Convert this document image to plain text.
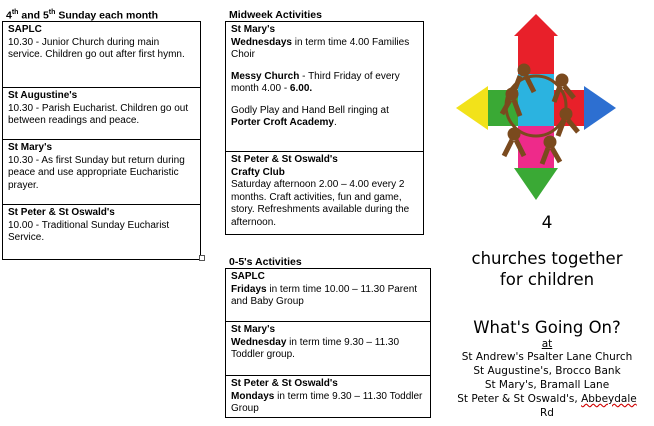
4th and 5th Sunday each month
SAPLC
10.30 - Junior Church during main service. Children go out after first hymn.
St Augustine's
10.30 - Parish Eucharist. Children go out between readings and peace.
St Mary's
10.30 - As first Sunday but return during peace and use appropriate Eucharistic prayer.
St Peter & St Oswald's
10.00 - Traditional Sunday Eucharist Service.
Midweek Activities
St Mary's

Wednesdays in term time 4.00 Families Choir

Messy Church - Third Friday of every month 4.00 - 6.00.

Godly Play and Hand Bell ringing at Porter Croft Academy.

St Peter & St Oswald's
Crafty Club
Saturday afternoon 2.00 – 4.00 every 2 months. Craft activities, fun and game, story. Refreshments available during the afternoon.
0-5's Activities
SAPLC
Fridays in term time 10.00 – 11.30 Parent and Baby Group
St Mary's
Wednesday in term time 9.30 – 11.30 Toddler group.
St Peter & St Oswald's
Mondays in term time 9.30 – 11.30 Toddler Group
4
churches together
for children
What's Going On?
at
St Andrew's Psalter Lane Church
St Augustine's, Brocco Bank
St Mary's, Bramall Lane
St Peter & St Oswald's, Abbeydale
Rd
